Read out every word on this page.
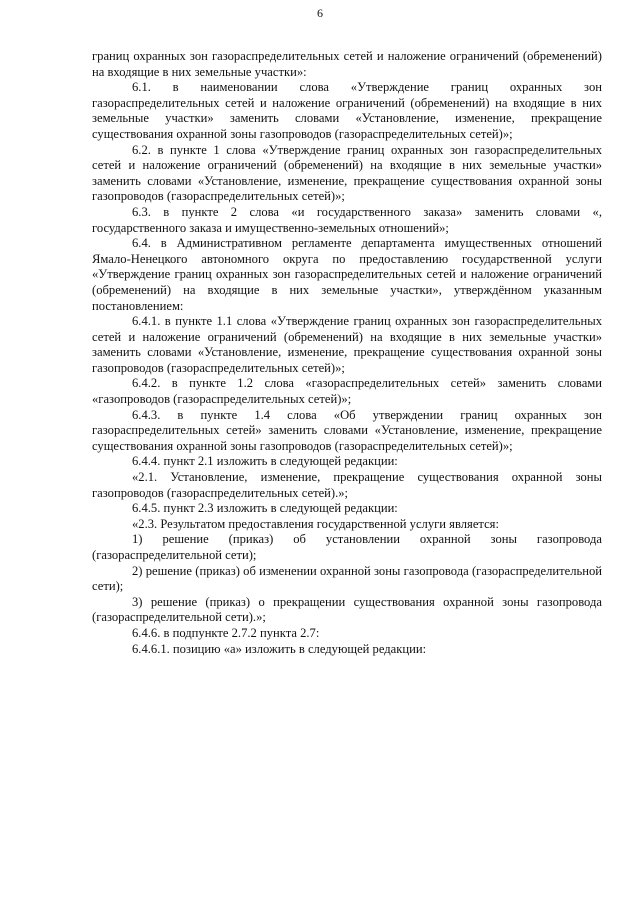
6

границ охранных зон газораспределительных сетей и наложение ограничений (обременений) на входящие в них земельные участки»:

6.1. в наименовании слова «Утверждение границ охранных зон газораспределительных сетей и наложение ограничений (обременений) на входящие в них земельные участки» заменить словами «Установление, изменение, прекращение существования охранной зоны газопроводов (газораспределительных сетей)»;

6.2. в пункте 1 слова «Утверждение границ охранных зон газораспределительных сетей и наложение ограничений (обременений) на входящие в них земельные участки» заменить словами «Установление, изменение, прекращение существования охранной зоны газопроводов (газораспределительных сетей)»;

6.3. в пункте 2 слова «и государственного заказа» заменить словами «, государственного заказа и имущественно-земельных отношений»;

6.4. в Административном регламенте департамента имущественных отношений Ямало-Ненецкого автономного округа по предоставлению государственной услуги «Утверждение границ охранных зон газораспределительных сетей и наложение ограничений (обременений) на входящие в них земельные участки», утверждённом указанным постановлением:

6.4.1. в пункте 1.1 слова «Утверждение границ охранных зон газораспределительных сетей и наложение ограничений (обременений) на входящие в них земельные участки» заменить словами «Установление, изменение, прекращение существования охранной зоны газопроводов (газораспределительных сетей)»;

6.4.2. в пункте 1.2 слова «газораспределительных сетей» заменить словами «газопроводов (газораспределительных сетей)»;

6.4.3. в пункте 1.4 слова «Об утверждении границ охранных зон газораспределительных сетей» заменить словами «Установление, изменение, прекращение существования охранной зоны газопроводов (газораспределительных сетей)»;

6.4.4. пункт 2.1 изложить в следующей редакции:

«2.1. Установление, изменение, прекращение существования охранной зоны газопроводов (газораспределительных сетей).»;

6.4.5. пункт 2.3 изложить в следующей редакции:

«2.3. Результатом предоставления государственной услуги является:

1) решение (приказ) об установлении охранной зоны газопровода (газораспределительной сети);

2) решение (приказ) об изменении охранной зоны газопровода (газораспределительной сети);

3) решение (приказ) о прекращении существования охранной зоны газопровода (газораспределительной сети).»;

6.4.6. в подпункте 2.7.2 пункта 2.7:

6.4.6.1. позицию «а» изложить в следующей редакции:
